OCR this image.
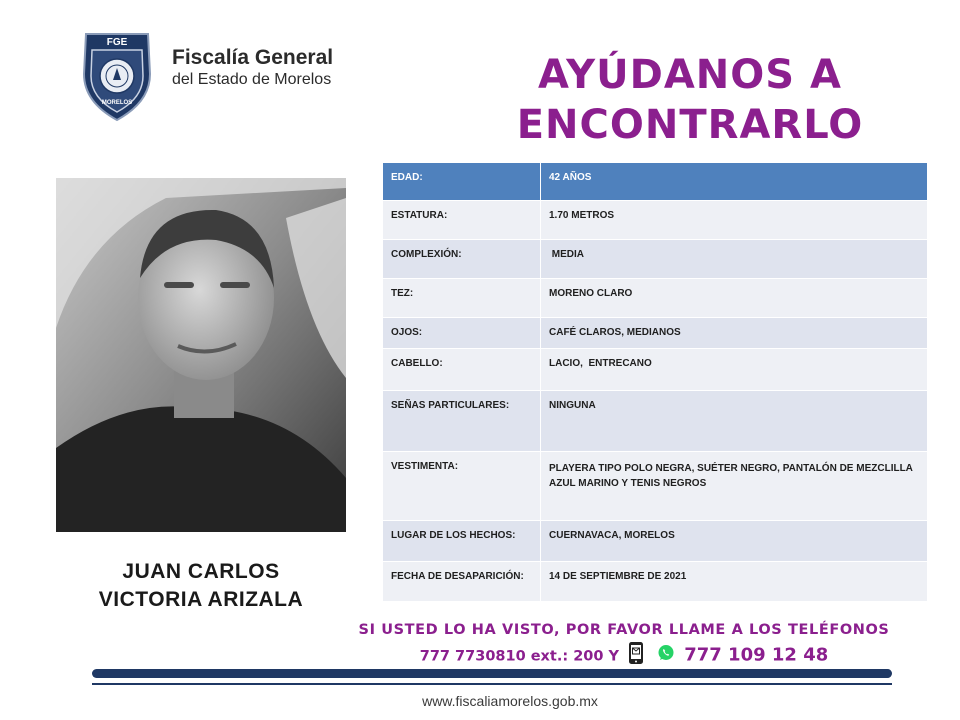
FGE
MORELOS
Fiscalía General
del Estado de Morelos	AYÚDANOS A
ENCONTRARLO
JUAN CARLOS
VICTORIA ARIZALA
EDAD:	42 AÑOS
ESTATURA:	1.70 METROS
COMPLEXIÓN:	MEDIA
TEZ:	MORENO CLARO
OJOS:	CAFÉ CLAROS, MEDIANOS
CABELLO:	LACIO,  ENTRECANO
SEÑAS PARTICULARES:	NINGUNA
VESTIMENTA:	PLAYERA TIPO POLO NEGRA, SUÉTER NEGRO, PANTALÓN DE MEZCLILLA AZUL MARINO Y TENIS NEGROS
LUGAR DE LOS HECHOS:	CUERNAVACA, MORELOS
FECHA DE DESAPARICIÓN:	14 DE SEPTIEMBRE DE 2021
SI USTED LO HA VISTO, POR FAVOR LLAME A LOS TELÉFONOS
777 7730810 ext.: 200 Y	777 109 12 48
www.fiscaliamorelos.gob.mx
